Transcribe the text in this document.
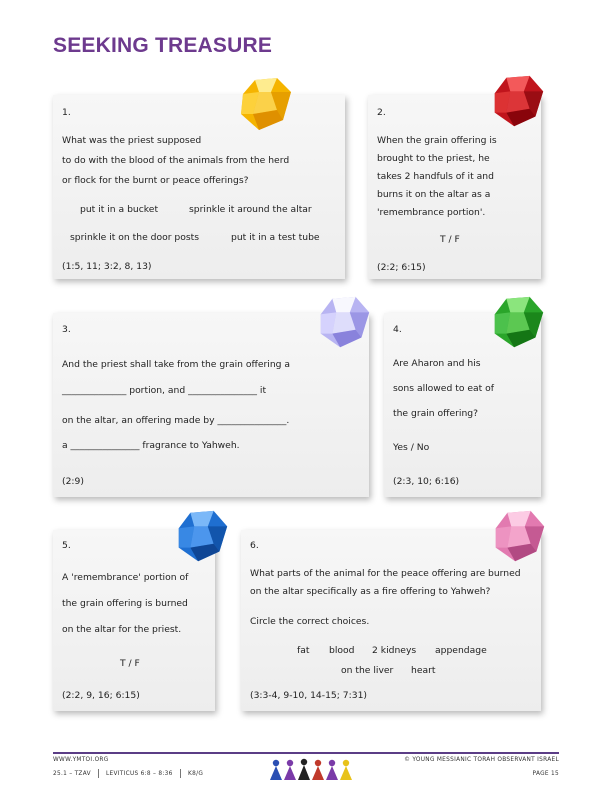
SEEKING TREASURE
1.
What was the priest supposed
to do with the blood of the animals from the herd
or flock for the burnt or peace offerings?
put it in a bucket	sprinkle it around the altar
sprinkle it on the door posts	put it in a test tube
(1:5, 11; 3:2, 8, 13)
2.
When the grain offering is
brought to the priest, he
takes 2 handfuls of it and
burns it on the altar as a
'remembrance portion'.
T / F
(2:2; 6:15)
3.
And the priest shall take from the grain offering a
______________ portion, and _______________ it
on the altar, an offering made by _______________.
a _______________ fragrance to Yahweh.
(2:9)
4.
Are Aharon and his
sons allowed to eat of
the grain offering?
Yes / No
(2:3, 10; 6:16)
5.
A 'remembrance' portion of
the grain offering is burned
on the altar for the priest.
T / F
(2:2, 9, 16; 6:15)
6.
What parts of the animal for the peace offering are burned
on the altar specifically as a fire offering to Yahweh?
Circle the correct choices.
fat blood 2 kidneys appendage
on the liver heart
(3:3-4, 9-10, 14-15; 7:31)
WWW.YMTOI.ORG	© YOUNG MESSIANIC TORAH OBSERVANT ISRAEL
25.1 – TZAV	LEVITICUS 6:8 – 8:36	K8/G	PAGE 15
